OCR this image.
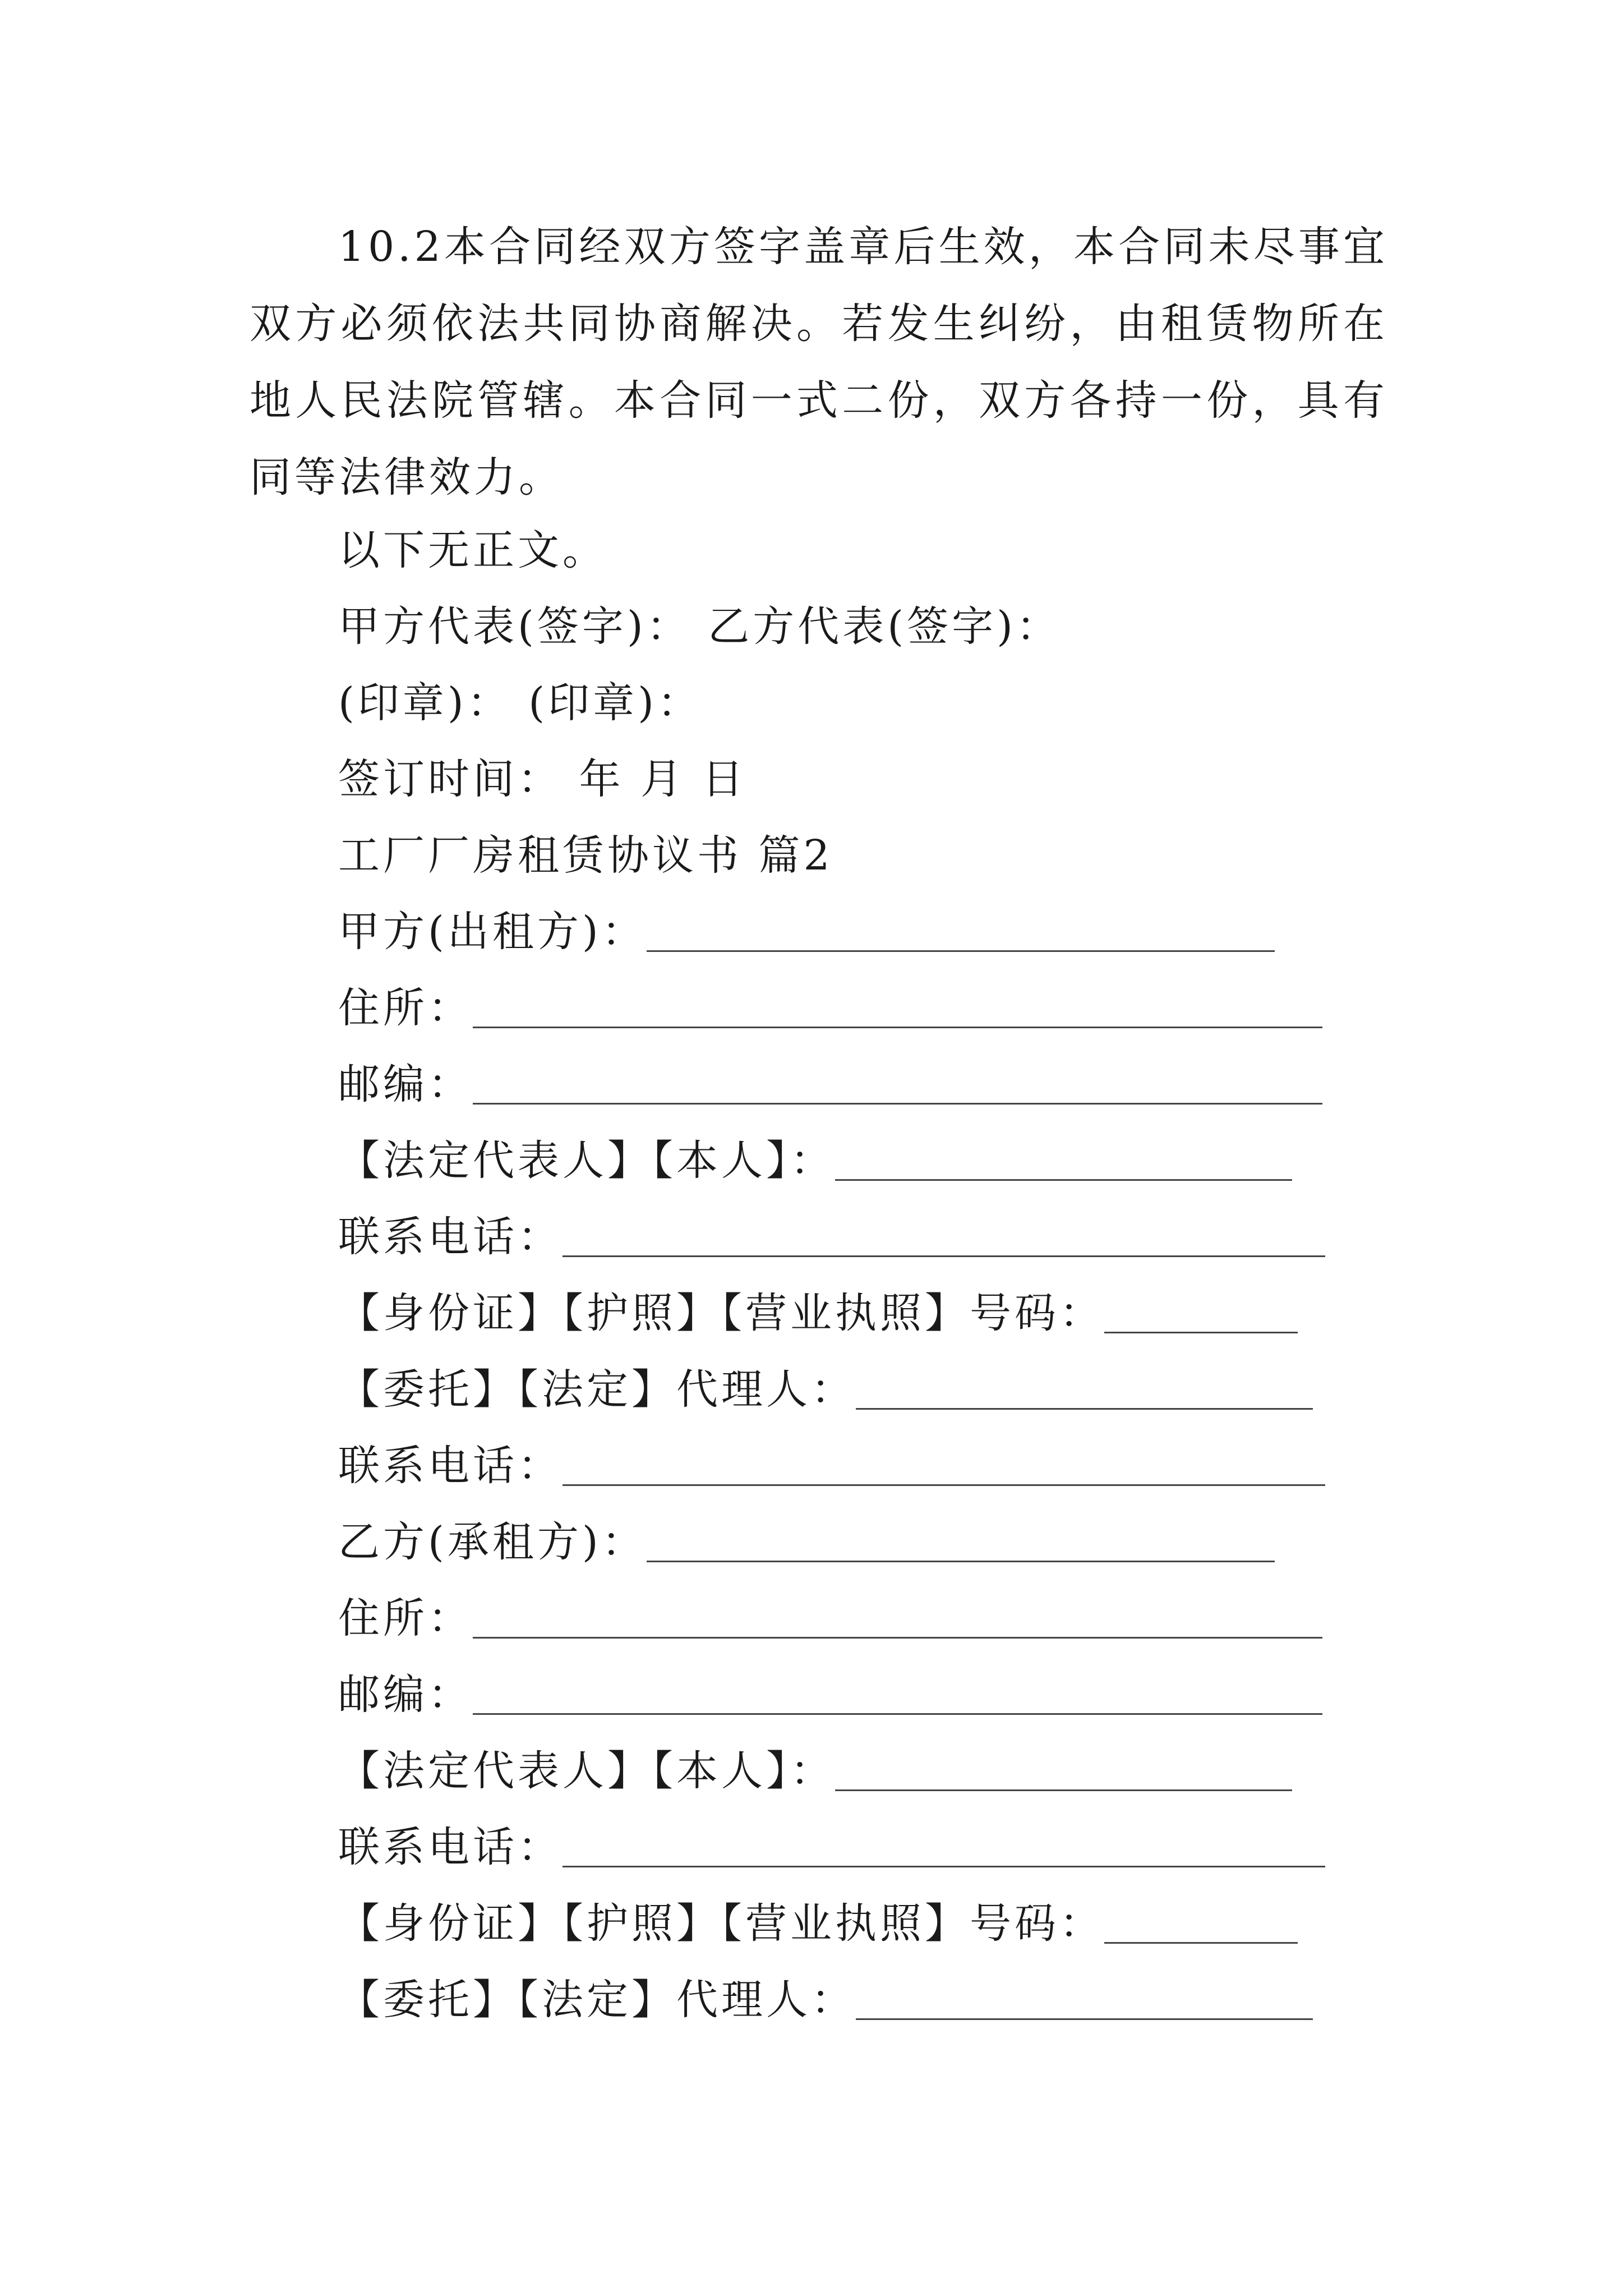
10.2本合同经双方签字盖章后生效，本合同未尽事宜双方必须依法共同协商解决。若发生纠纷，由租赁物所在地人民法院管辖。本合同一式二份，双方各持一份，具有同等法律效力。

以下无正文。
甲方代表(签字)： 乙方代表(签字)：
(印章)： (印章)：
签订时间： 年 月 日
工厂厂房租赁协议书 篇2
甲方(出租方)：
住所：
邮编：
【法定代表人】【本人】：
联系电话：
【身份证】【护照】【营业执照】号码：
【委托】【法定】代理人：
联系电话：
乙方(承租方)：
住所：
邮编：
【法定代表人】【本人】：
联系电话：
【身份证】【护照】【营业执照】号码：
【委托】【法定】代理人：
